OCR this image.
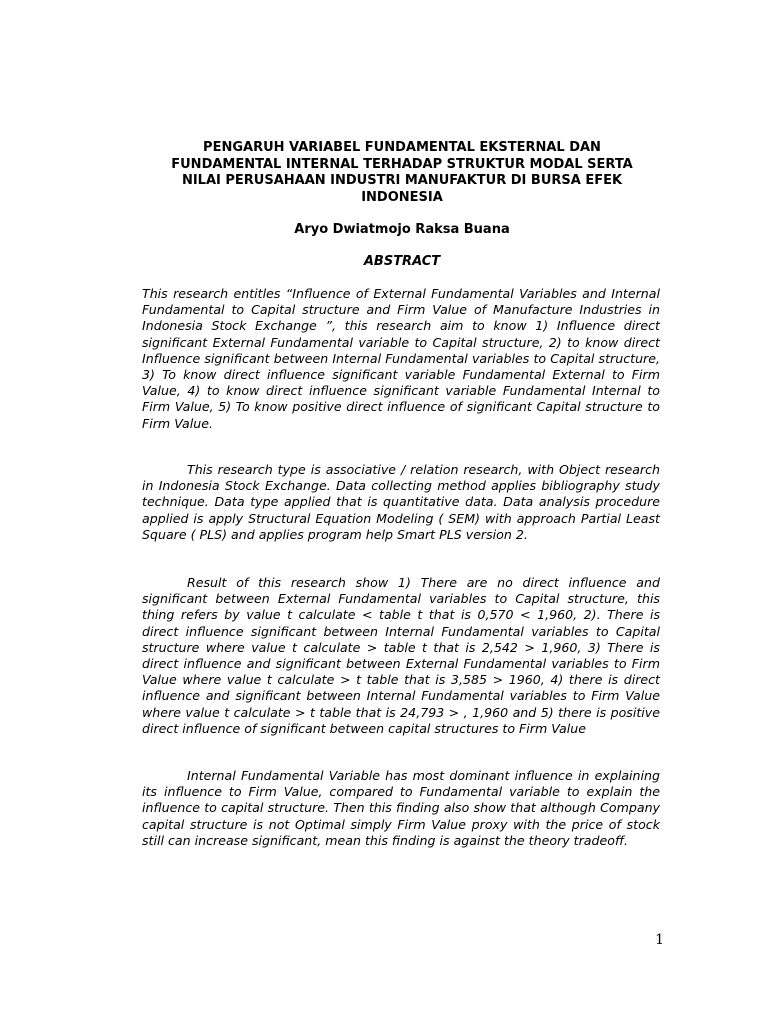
PENGARUH VARIABEL FUNDAMENTAL EKSTERNAL DAN
FUNDAMENTAL INTERNAL TERHADAP STRUKTUR MODAL SERTA
NILAI PERUSAHAAN INDUSTRI MANUFAKTUR DI BURSA EFEK
INDONESIA
Aryo Dwiatmojo Raksa Buana
ABSTRACT

This research entitles “Influence of External Fundamental Variables and Internal Fundamental to Capital structure and Firm Value of Manufacture Industries in Indonesia Stock Exchange ”, this research aim to know 1) Influence direct significant External Fundamental variable to Capital structure, 2) to know direct Influence significant between Internal Fundamental variables to Capital structure, 3) To know direct influence significant variable Fundamental External to Firm Value, 4) to know direct influence significant variable Fundamental Internal to Firm Value, 5) To know positive direct influence of significant Capital structure to Firm Value.

This research type is associative / relation research, with Object research in Indonesia Stock Exchange. Data collecting method applies bibliography study technique. Data type applied that is quantitative data. Data analysis procedure applied is apply Structural Equation Modeling ( SEM) with approach Partial Least Square ( PLS) and applies program help Smart PLS version 2.

Result of this research show 1) There are no direct influence and significant between External Fundamental variables to Capital structure, this thing refers by value t calculate < table t that is 0,570 < 1,960, 2). There is direct influence significant between Internal Fundamental variables to Capital structure where value t calculate > table t that is 2,542 > 1,960, 3) There is direct influence and significant between External Fundamental variables to Firm Value where value t calculate > t table that is 3,585 > 1960, 4) there is direct influence and significant between Internal Fundamental variables to Firm Value where value t calculate > t table that is 24,793 > , 1,960 and 5) there is positive direct influence of significant between capital structures to Firm Value

Internal Fundamental Variable has most dominant influence in explaining its influence to Firm Value, compared to Fundamental variable to explain the influence to capital structure. Then this finding also show that although Company capital structure is not Optimal simply Firm Value proxy with the price of stock still can increase significant, mean this finding is against the theory tradeoff.

1
